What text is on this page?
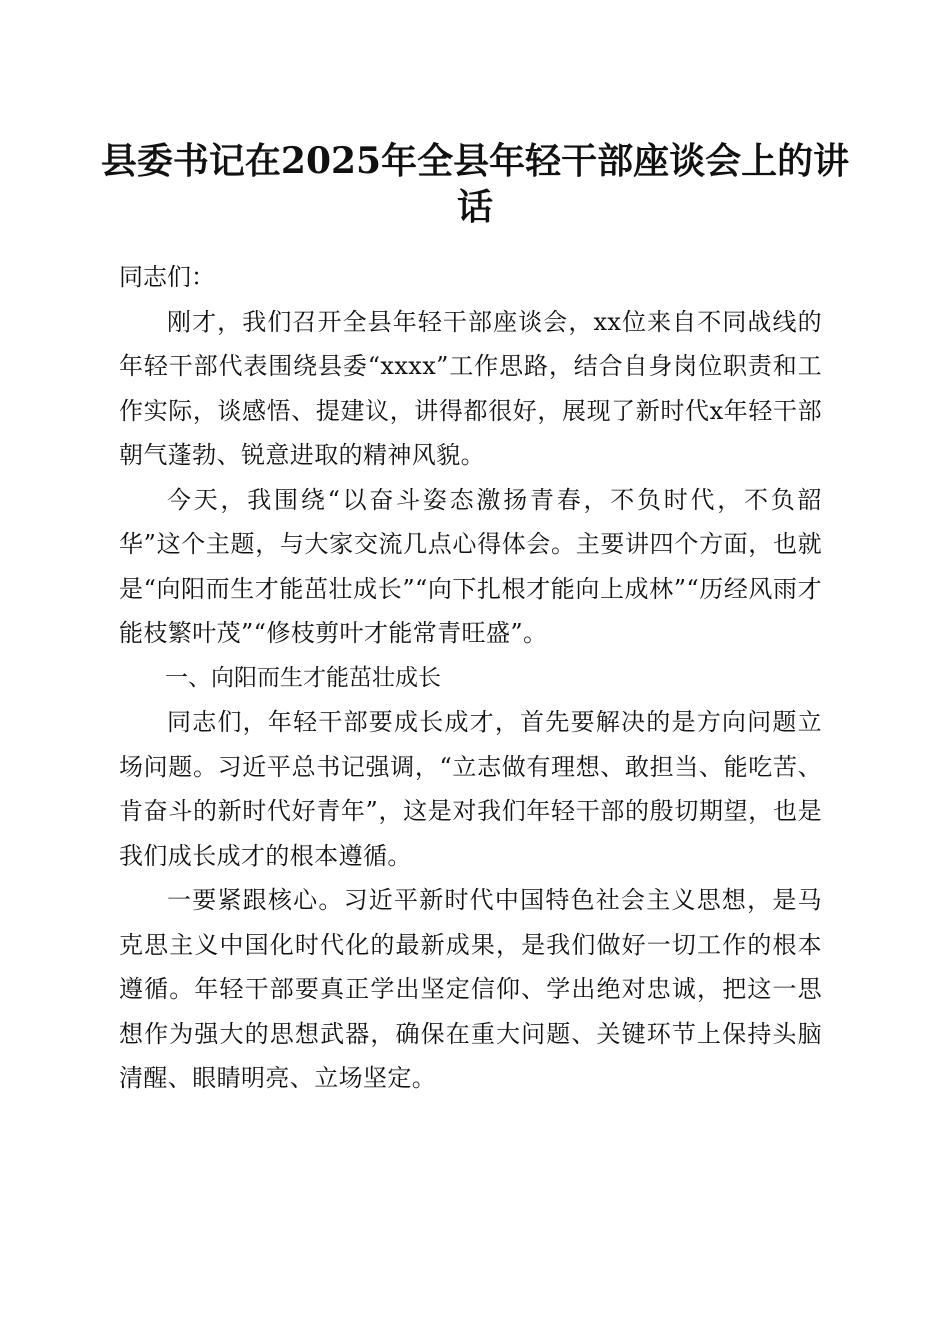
县委书记在2025年全县年轻干部座谈会上的讲话

同志们：

刚才，我们召开全县年轻干部座谈会，xx位来自不同战线的年轻干部代表围绕县委“xxxx”工作思路，结合自身岗位职责和工作实际，谈感悟、提建议，讲得都很好，展现了新时代x年轻干部朝气蓬勃、锐意进取的精神风貌。

今天，我围绕“以奋斗姿态激扬青春，不负时代，不负韶华”这个主题，与大家交流几点心得体会。主要讲四个方面，也就是“向阳而生才能茁壮成长”“向下扎根才能向上成林”“历经风雨才能枝繁叶茂”“修枝剪叶才能常青旺盛”。

一、向阳而生才能茁壮成长

同志们，年轻干部要成长成才，首先要解决的是方向问题立场问题。习近平总书记强调，“立志做有理想、敢担当、能吃苦、肯奋斗的新时代好青年”，这是对我们年轻干部的殷切期望，也是我们成长成才的根本遵循。

一要紧跟核心。习近平新时代中国特色社会主义思想，是马克思主义中国化时代化的最新成果，是我们做好一切工作的根本遵循。年轻干部要真正学出坚定信仰、学出绝对忠诚，把这一思想作为强大的思想武器，确保在重大问题、关键环节上保持头脑清醒、眼睛明亮、立场坚定。
